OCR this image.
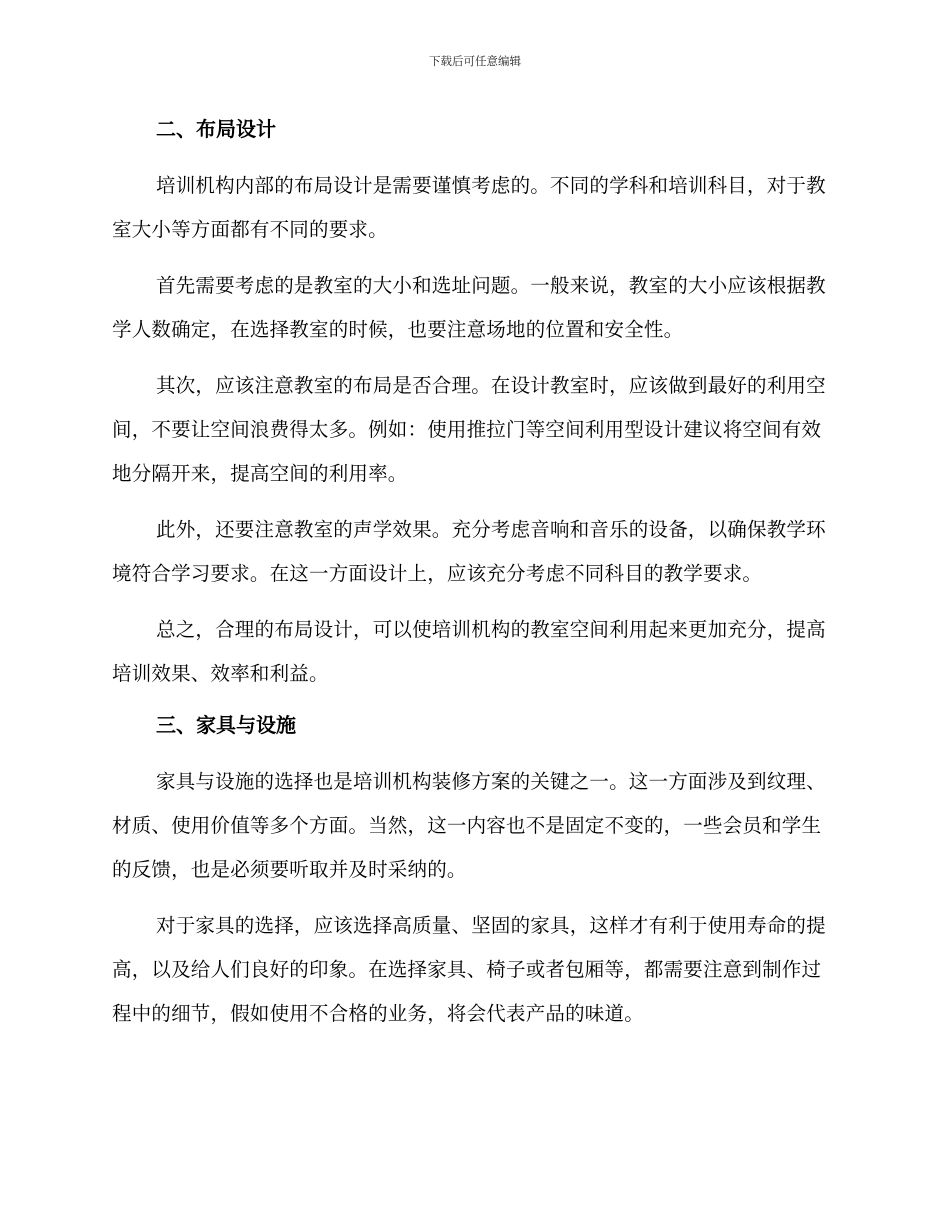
下载后可任意编辑
二、布局设计

培训机构内部的布局设计是需要谨慎考虑的。不同的学科和培训科目，对于教室大小等方面都有不同的要求。

首先需要考虑的是教室的大小和选址问题。一般来说，教室的大小应该根据教学人数确定，在选择教室的时候，也要注意场地的位置和安全性。

其次，应该注意教室的布局是否合理。在设计教室时，应该做到最好的利用空间，不要让空间浪费得太多。例如：使用推拉门等空间利用型设计建议将空间有效地分隔开来，提高空间的利用率。

此外，还要注意教室的声学效果。充分考虑音响和音乐的设备，以确保教学环境符合学习要求。在这一方面设计上，应该充分考虑不同科目的教学要求。

总之，合理的布局设计，可以使培训机构的教室空间利用起来更加充分，提高培训效果、效率和利益。

三、家具与设施

家具与设施的选择也是培训机构装修方案的关键之一。这一方面涉及到纹理、材质、使用价值等多个方面。当然，这一内容也不是固定不变的，一些会员和学生的反馈，也是必须要听取并及时采纳的。

对于家具的选择，应该选择高质量、坚固的家具，这样才有利于使用寿命的提高，以及给人们良好的印象。在选择家具、椅子或者包厢等，都需要注意到制作过程中的细节，假如使用不合格的业务，将会代表产品的味道。
